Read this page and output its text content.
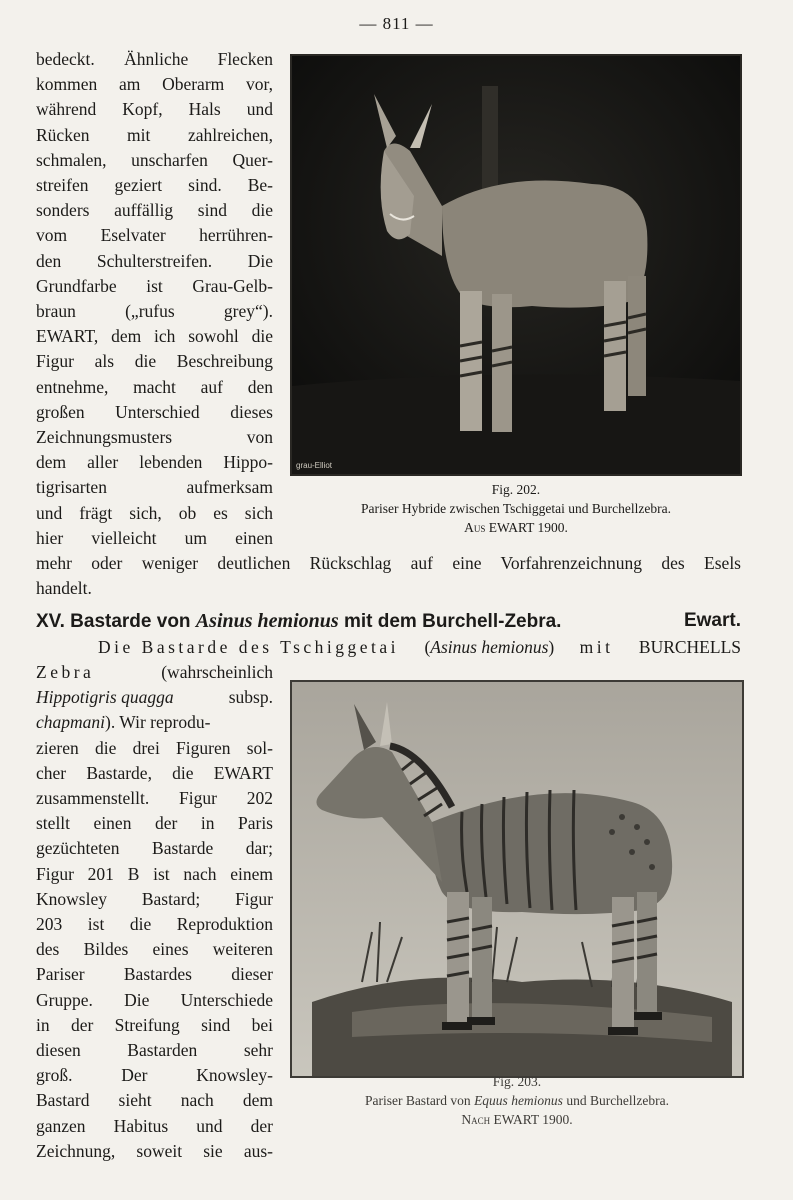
— 811 —
bedeckt. Ähnliche Flecken
kommen am Oberarm vor,
während Kopf, Hals und
Rücken mit zahlreichen,
schmalen, unscharfen Quer-
streifen geziert sind. Be-
sonders auffällig sind die
vom Eselvater herrühren-
den Schulterstreifen. Die
Grundfarbe ist Grau-Gelb-
braun („rufus grey“).
EWART, dem ich sowohl die
Figur als die Beschreibung
entnehme, macht auf den
großen Unterschied dieses
Zeichnungsmusters von
dem aller lebenden Hippo-
tigrisarten aufmerksam
und frägt sich, ob es sich
hier vielleicht um einen
grau-Elliot
Fig. 202.
Pariser Hybride zwischen Tschiggetai und Burchellzebra.
Aus EWART 1900.
mehr oder weniger deutlichen Rückschlag auf eine Vorfahrenzeichnung des Esels
handelt.
XV. Bastarde von Asinus hemionus mit dem Burchell-Zebra.	Ewart.
Die Bastarde des Tschiggetai (Asinus hemionus) mit BURCHELLS
Zebra	(wahrscheinlich
Hippotigris quagga	subsp.
chapmani). Wir reprodu-
zieren die drei Figuren sol-
cher Bastarde, die EWART
zusammenstellt. Figur 202
stellt einen der in Paris
gezüchteten Bastarde dar;
Figur 201 B ist nach einem
Knowsley Bastard; Figur
203 ist die Reproduktion
des Bildes eines weiteren
Pariser Bastardes dieser
Gruppe. Die Unterschiede
in der Streifung sind bei
diesen Bastarden sehr
groß. Der Knowsley-
Bastard sieht nach dem
ganzen Habitus und der
Zeichnung, soweit sie aus-
Fig. 203.
Pariser Bastard von Equus hemionus und Burchellzebra.
Nach EWART 1900.
